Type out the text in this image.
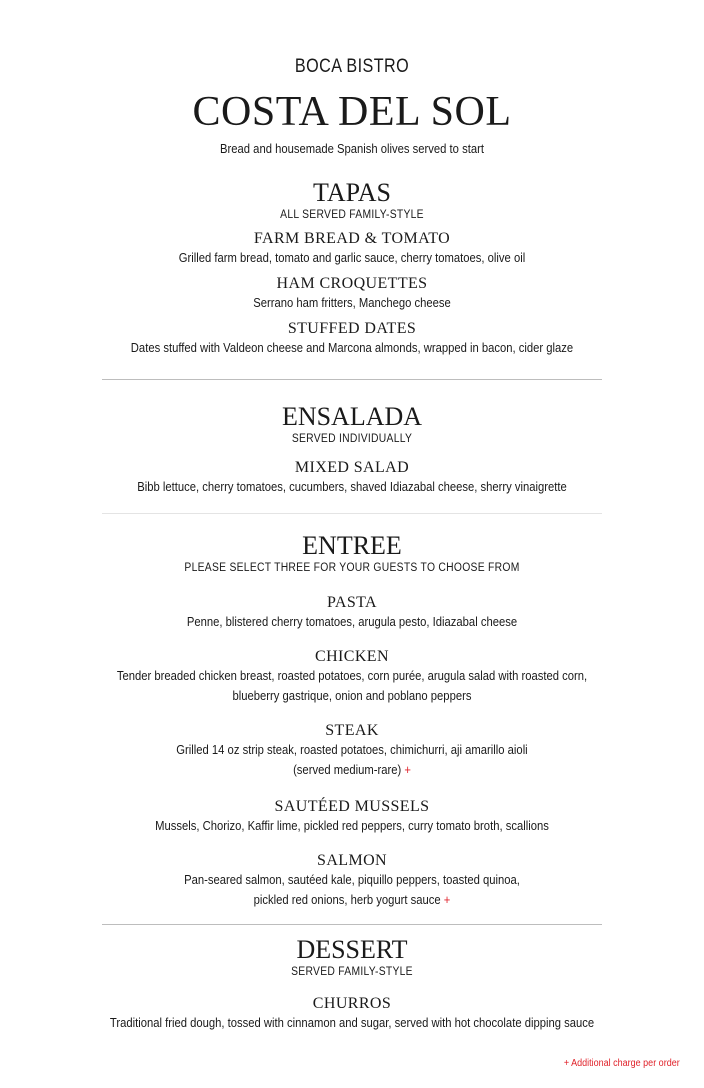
BOCA BISTRO
COSTA DEL SOL
Bread and housemade Spanish olives served to start
TAPAS
ALL SERVED FAMILY-STYLE
FARM BREAD & TOMATO
Grilled farm bread, tomato and garlic sauce, cherry tomatoes, olive oil
HAM CROQUETTES
Serrano ham fritters, Manchego cheese
STUFFED DATES
Dates stuffed with Valdeon cheese and Marcona almonds, wrapped in bacon, cider glaze
ENSALADA
SERVED INDIVIDUALLY
MIXED SALAD
Bibb lettuce, cherry tomatoes, cucumbers, shaved Idiazabal cheese, sherry vinaigrette
ENTREE
PLEASE SELECT THREE FOR YOUR GUESTS TO CHOOSE FROM
PASTA
Penne, blistered cherry tomatoes, arugula pesto, Idiazabal cheese
CHICKEN
Tender breaded chicken breast, roasted potatoes, corn purée, arugula salad with roasted corn,
blueberry gastrique, onion and poblano peppers
STEAK
Grilled 14 oz strip steak, roasted potatoes, chimichurri, aji amarillo aioli
(served medium-rare) +
SAUTÉED MUSSELS
Mussels, Chorizo, Kaffir lime, pickled red peppers, curry tomato broth, scallions
SALMON
Pan-seared salmon, sautéed kale, piquillo peppers, toasted quinoa,
pickled red onions, herb yogurt sauce +
DESSERT
SERVED FAMILY-STYLE
CHURROS
Traditional fried dough, tossed with cinnamon and sugar, served with hot chocolate dipping sauce
+ Additional charge per order
